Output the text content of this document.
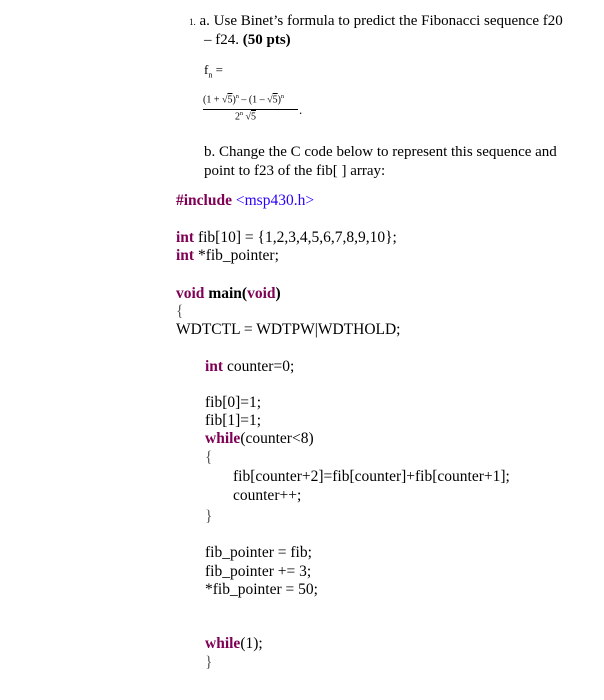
1. a. Use Binet’s formula to predict the Fibonacci sequence f20
– f24. (50 pts)
$f_n$ =
$(1 + √5)^n - (1 - √5)^n$
2$^n$ √5	.
b. Change the C code below to represent this sequence and
point to f23 of the fib[ ] array:
#include <msp430.h>
int fib[10] = {1,2,3,4,5,6,7,8,9,10};
int *fib_pointer;
void main(void)
{
WDTCTL = WDTPW|WDTHOLD;
int counter=0;
fib[0]=1;
fib[1]=1;
while(counter<8)
{
fib[counter+2]=fib[counter]+fib[counter+1];
counter++;
}
fib_pointer = fib;
fib_pointer += 3;
*fib_pointer = 50;
while(1);
}
